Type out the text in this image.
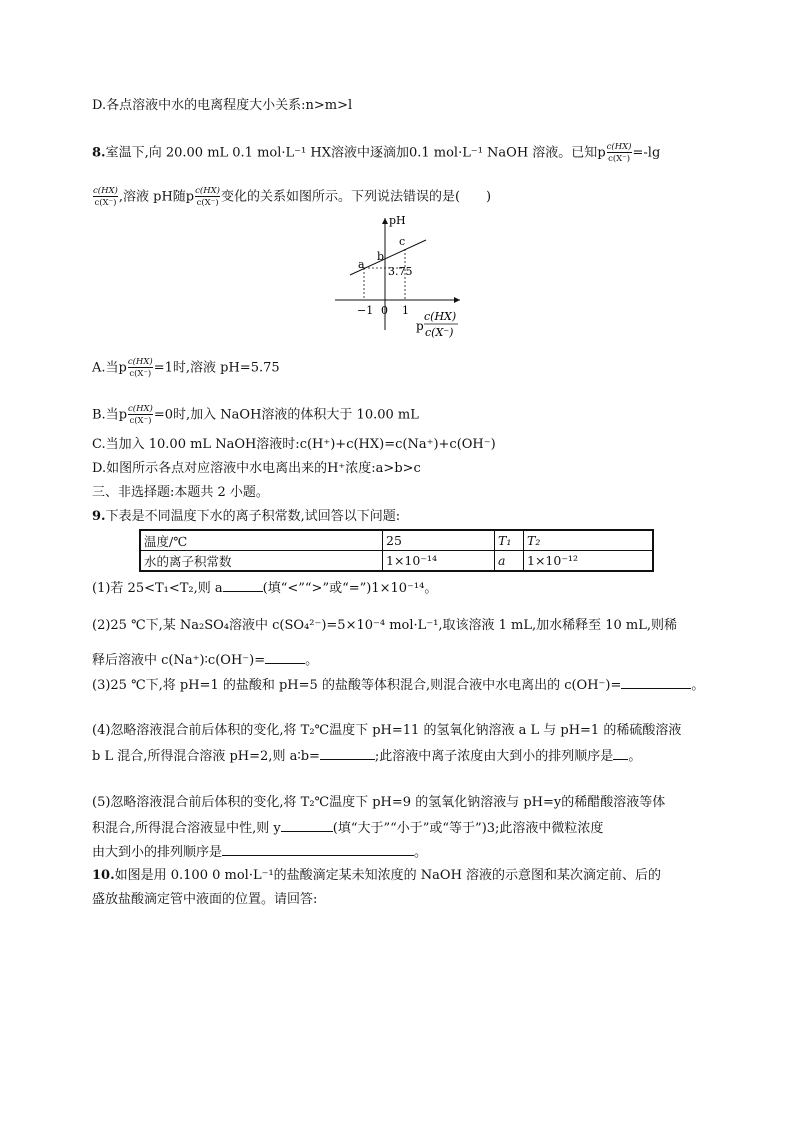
D.各点溶液中水的电离程度大小关系:n>m>l
8.室温下,向 20.00 mL 0.1 mol·L⁻¹ HX溶液中逐滴加0.1 mol·L⁻¹ NaOH 溶液。已知p $\frac{c(HX)}{c(X^-)} =-\lg$
$\frac{c(HX)}{c(X^-)}$ ,溶液 pH随p $\frac{c(HX)}{c(X^-)}$ 变化的关系如图所示。下列说法错误的是(　　)
pH
a
b
c
3.75
−1 0 1
p
c(HX)
c(X⁻)
A.当p $\frac{c(HX)}{c(X^-)} =1$时,溶液 pH=5.75
B.当p $\frac{c(HX)}{c(X^-)} =0$时,加入 NaOH溶液的体积大于 10.00 mL
C.当加入 10.00 mL NaOH溶液时:c(H⁺)+c(HX)=c(Na⁺)+c(OH⁻)
D.如图所示各点对应溶液中水电离出来的H⁺浓度:a>b>c
三、非选择题:本题共 2 小题。
9.下表是不同温度下水的离子积常数,试回答以下问题:
温度/℃	25	T₁	T₂
水的离子积常数	1×10⁻¹⁴	a	1×10⁻¹²
(1)若 25<T₁<T₂,则 a	(填“<”“>”或“=”)1×10⁻¹⁴。
(2)25 ℃下,某 Na₂SO₄溶液中 c(SO₄²⁻)=5×10⁻⁴ mol·L⁻¹,取该溶液 1 mL,加水稀释至 10 mL,则稀
释后溶液中 c(Na⁺)∶c(OH⁻)=	。
(3)25 ℃下,将 pH=1 的盐酸和 pH=5 的盐酸等体积混合,则混合液中水电离出的 c(OH⁻)=	。
(4)忽略溶液混合前后体积的变化,将 T₂℃温度下 pH=11 的氢氧化钠溶液 a L 与 pH=1 的稀硫酸溶液
b L 混合,所得混合溶液 pH=2,则 a∶b=	;此溶液中离子浓度由大到小的排列顺序是 。
(5)忽略溶液混合前后体积的变化,将 T₂℃温度下 pH=9 的氢氧化钠溶液与 pH=y的稀醋酸溶液等体
积混合,所得混合溶液显中性,则 y	(填“大于”“小于”或“等于”)3;此溶液中微粒浓度
由大到小的排列顺序是	。
10.如图是用 0.100 0 mol·L⁻¹的盐酸滴定某未知浓度的 NaOH 溶液的示意图和某次滴定前、后的
盛放盐酸滴定管中液面的位置。请回答:
